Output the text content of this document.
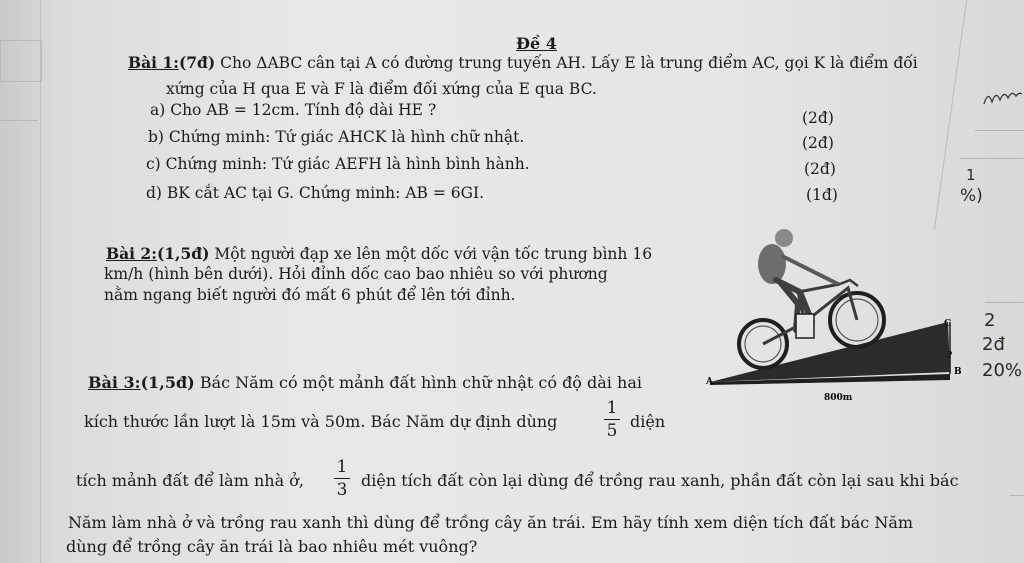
Đề 4
Bài 1:(7đ) Cho ΔABC cân tại A có đường trung tuyến AH. Lấy E là trung điểm AC, gọi K là điểm đối
xứng của H qua E và F là điểm đối xứng của E qua BC.
a) Cho AB = 12cm. Tính độ dài HE ?	(2đ)
b) Chứng minh: Tứ giác AHCK là hình chữ nhật.	(2đ)
c) Chứng minh: Tứ giác AEFH là hình bình hành.	(2đ)
d) BK cắt AC tại G. Chứng minh: AB = 6GI.	(1đ)
Bài 2:(1,5đ) Một người đạp xe lên một dốc với vận tốc trung bình 16
km/h (hình bên dưới). Hỏi đỉnh dốc cao bao nhiêu so với phương
nằm ngang biết người đó mất 6 phút để lên tới đỉnh.
A
B
C
?
800m
Bài 3:(1,5đ) Bác Năm có một mảnh đất hình chữ nhật có độ dài hai
kích thước lần lượt là 15m và 50m. Bác Năm dự định dùng
1
5 diện
tích mảnh đất để làm nhà ở,
1
3 diện tích đất còn lại dùng để trồng rau xanh, phần đất còn lại sau khi bác
Năm làm nhà ở và trồng rau xanh thì dùng để trồng cây ăn trái. Em hãy tính xem diện tích đất bác Năm
dùng để trồng cây ăn trái là bao nhiêu mét vuông?
1
%)
2
2đ
20%
